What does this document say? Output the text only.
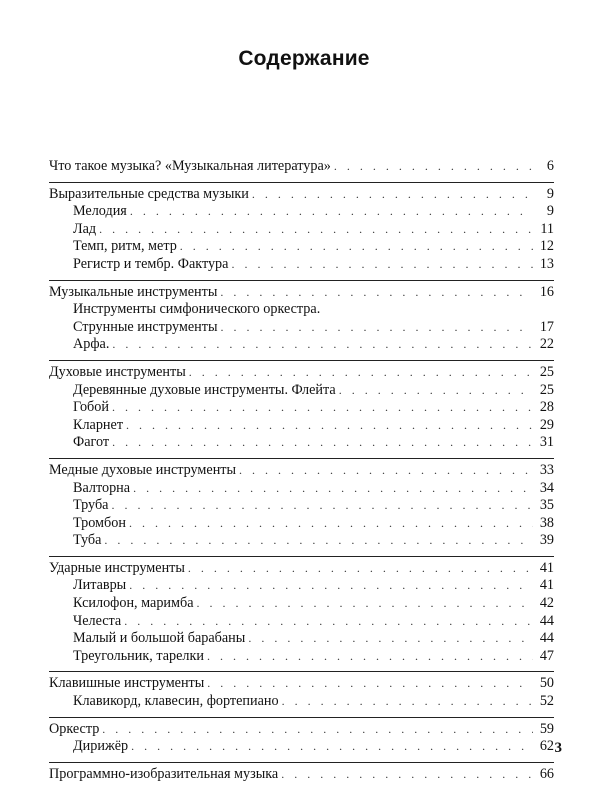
Содержание
Что такое музыка? «Музыкальная литература» . . .	6
Выразительные средства музыки . . .	9
Мелодия . . .	9
Лад . . .	11
Темп, ритм, метр . . .	12
Регистр и тембр. Фактура . . .	13
Музыкальные инструменты . . .	16
Инструменты симфонического оркестра.
Струнные инструменты . . .	17
Арфа. . . .	22
Духовые инструменты . . .	25
Деревянные духовые инструменты. Флейта . . .	25
Гобой . . .	28
Кларнет . . .	29
Фагот . . .	31
Медные духовые инструменты . . .	33
Валторна . . .	34
Труба . . .	35
Тромбон . . .	38
Туба . . .	39
Ударные инструменты . . .	41
Литавры . . .	41
Ксилофон, маримба . . .	42
Челеста . . .	44
Малый и большой барабаны . . .	44
Треугольник, тарелки . . .	47
Клавишные инструменты . . .	50
Клавикорд, клавесин, фортепиано . . .	52
Оркестр . . .	59
Дирижёр . . .	62
Программно-изобразительная музыка . . .	66
3
